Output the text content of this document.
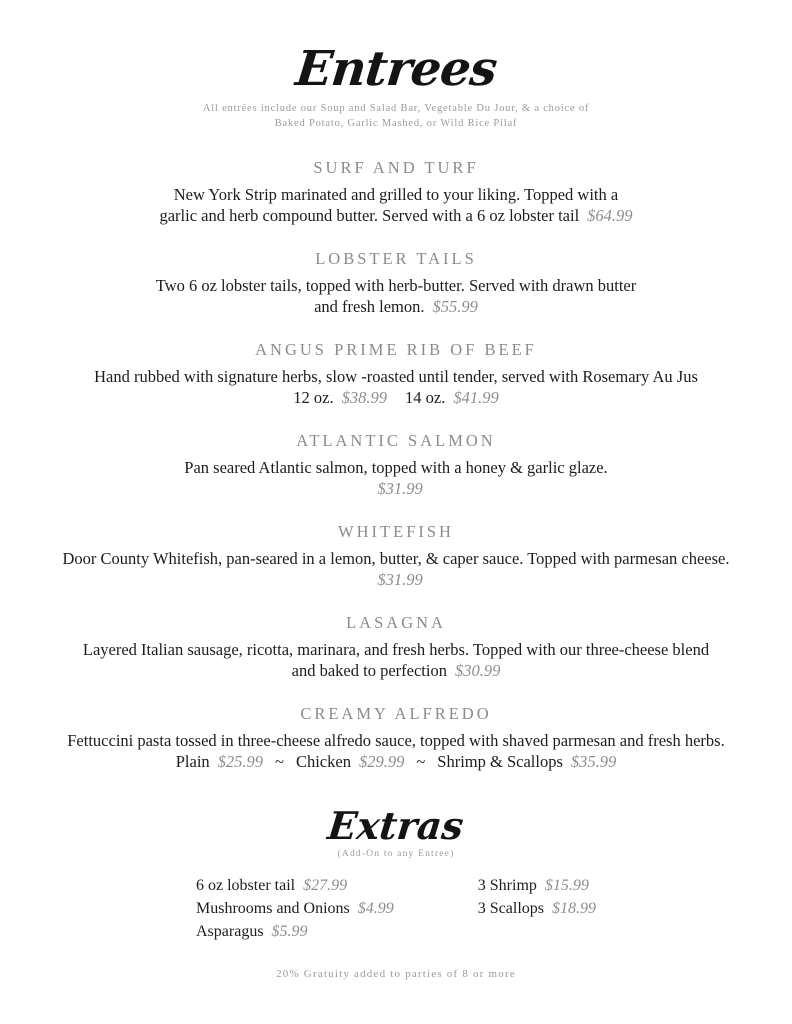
Entrees

All entrées include our Soup and Salad Bar, Vegetable Du Jour, & a choice of

Baked Potato, Garlic Mashed, or Wild Rice Pilaf

SURF AND TURF

New York Strip marinated and grilled to your liking. Topped with a

garlic and herb compound butter. Served with a 6 oz lobster tail $64.99

LOBSTER TAILS

Two 6 oz lobster tails, topped with herb-butter. Served with drawn butter

and fresh lemon. $55.99

ANGUS PRIME RIB OF BEEF

Hand rubbed with signature herbs, slow -roasted until tender, served with Rosemary Au Jus

12 oz. $38.99 14 oz. $41.99

ATLANTIC SALMON

Pan seared Atlantic salmon, topped with a honey & garlic glaze.

$31.99

WHITEFISH

Door County Whitefish, pan-seared in a lemon, butter, & caper sauce. Topped with parmesan cheese.

$31.99

LASAGNA

Layered Italian sausage, ricotta, marinara, and fresh herbs. Topped with our three-cheese blend

and baked to perfection $30.99

CREAMY ALFREDO

Fettuccini pasta tossed in three-cheese alfredo sauce, topped with shaved parmesan and fresh herbs.

Plain $25.99 ~ Chicken $29.99 ~ Shrimp & Scallops $35.99

Extras

(Add-On to any Entree)

6 oz lobster tail $27.99

Mushrooms and Onions $4.99

Asparagus $5.99

3 Shrimp $15.99

3 Scallops $18.99

20% Gratuity added to parties of 8 or more
